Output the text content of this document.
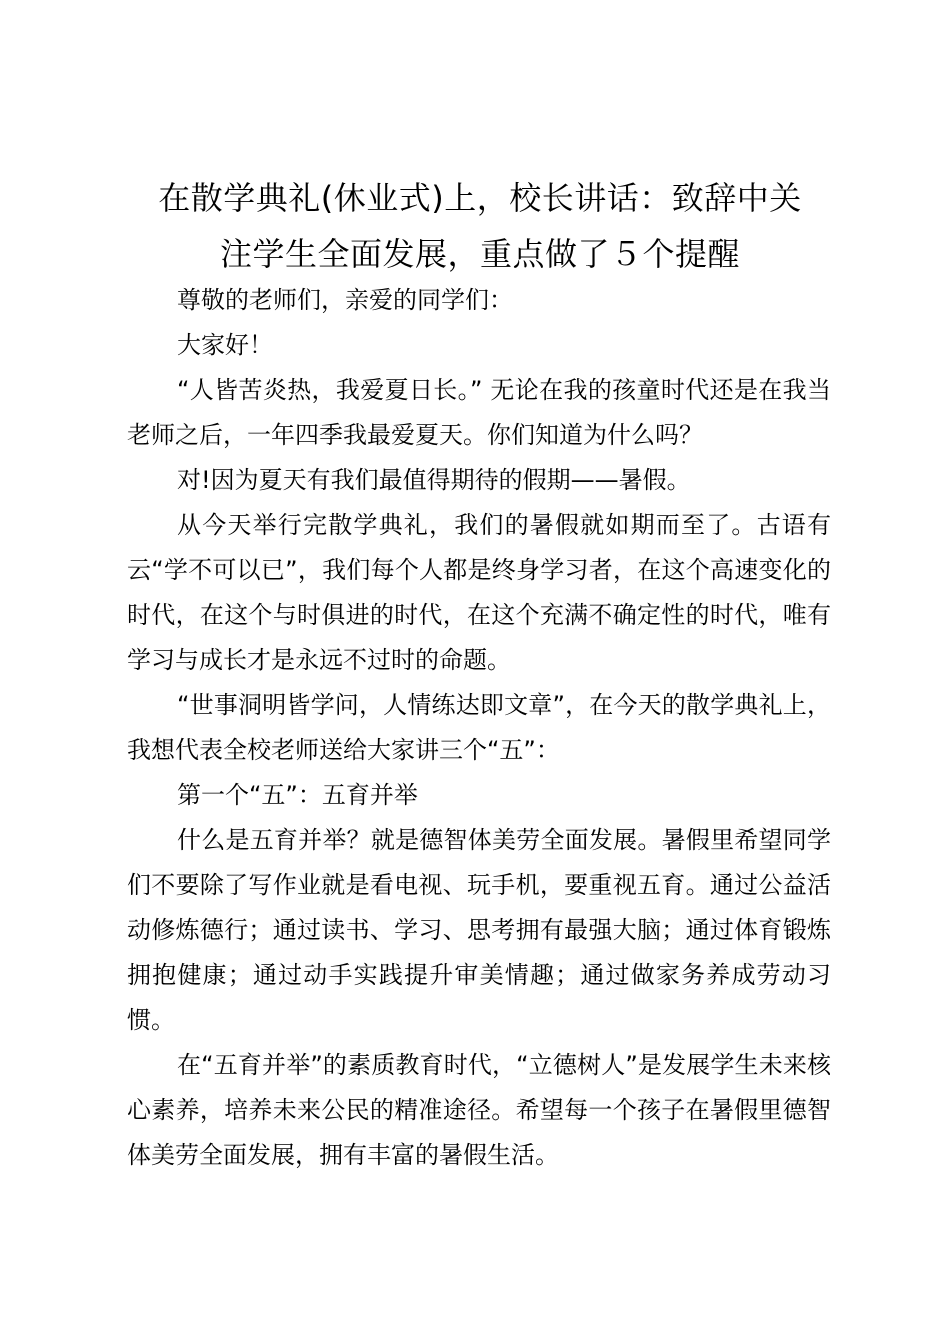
在散学典礼(休业式)上，校长讲话：致辞中关
注学生全面发展，重点做了５个提醒

尊敬的老师们，亲爱的同学们：

大家好！

“人皆苦炎热，我爱夏日长。” 无论在我的孩童时代还是在我当老师之后，一年四季我最爱夏天。你们知道为什么吗？

对!因为夏天有我们最值得期待的假期——暑假。

从今天举行完散学典礼，我们的暑假就如期而至了。古语有云“学不可以已”，我们每个人都是终身学习者，在这个高速变化的时代，在这个与时俱进的时代，在这个充满不确定性的时代，唯有学习与成长才是永远不过时的命题。

“世事洞明皆学问，人情练达即文章”，在今天的散学典礼上，我想代表全校老师送给大家讲三个“五”：

第一个“五”：五育并举

什么是五育并举？就是德智体美劳全面发展。暑假里希望同学们不要除了写作业就是看电视、玩手机，要重视五育。通过公益活动修炼德行；通过读书、学习、思考拥有最强大脑；通过体育锻炼拥抱健康；通过动手实践提升审美情趣；通过做家务养成劳动习惯。

在“五育并举”的素质教育时代，“立德树人”是发展学生未来核心素养，培养未来公民的精准途径。希望每一个孩子在暑假里德智体美劳全面发展，拥有丰富的暑假生活。
